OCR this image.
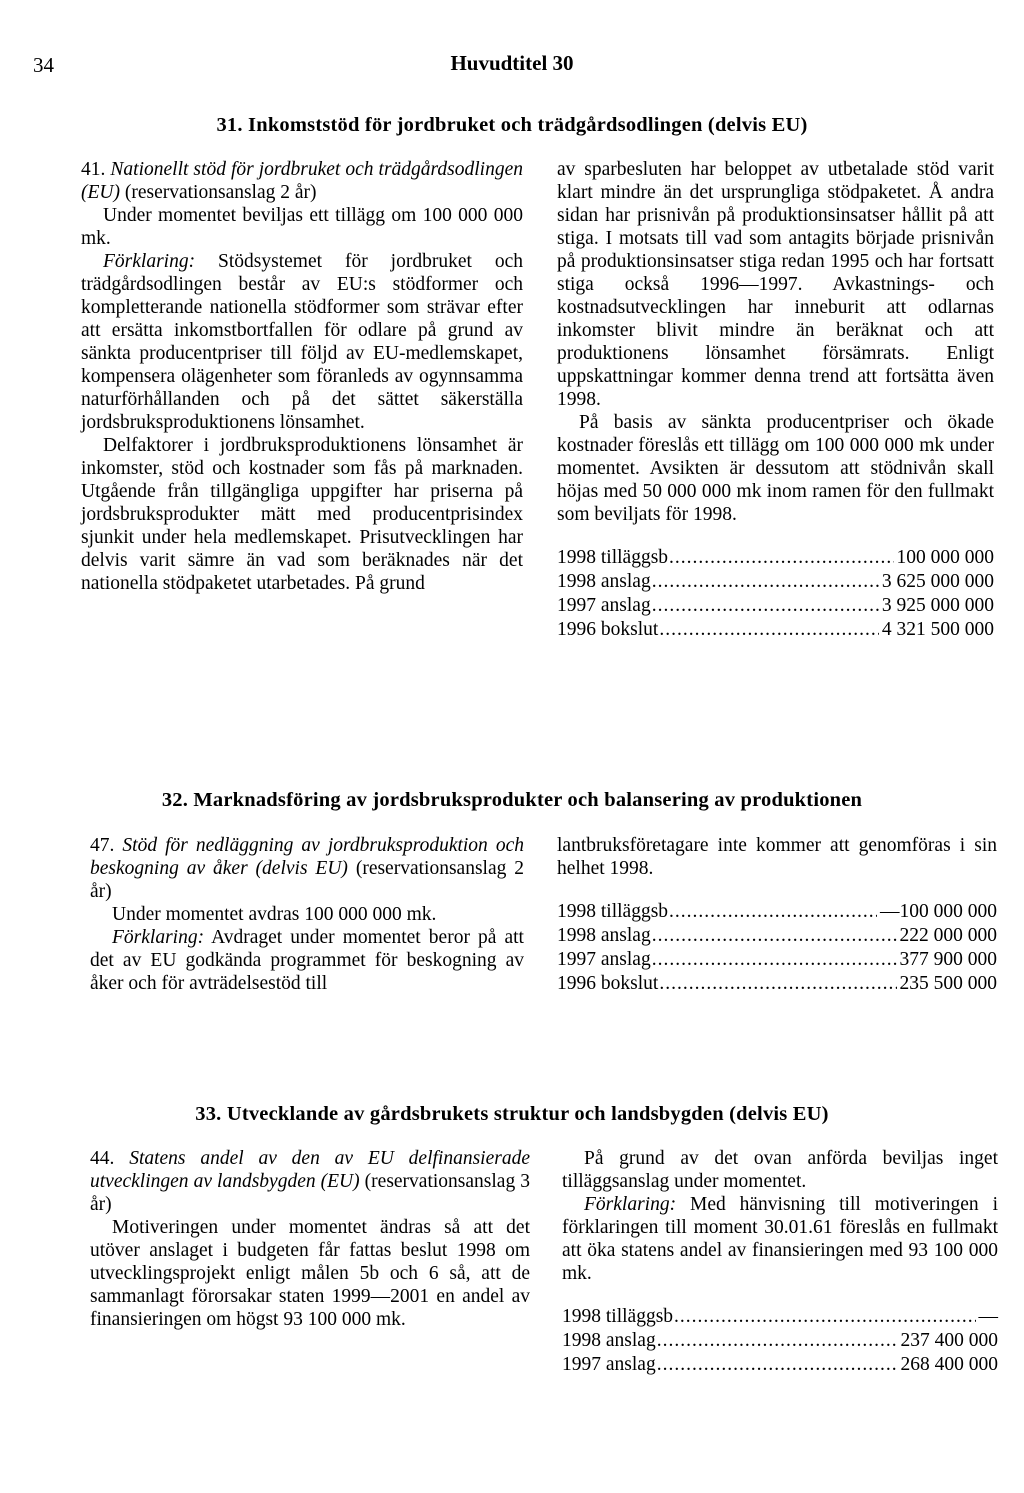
34	Huvudtitel 30
31. Inkomststöd för jordbruket och trädgårdsodlingen (delvis EU)

41. Nationellt stöd för jordbruket och trädgårdsodlingen (EU) (reservationsanslag 2 år)

Under momentet beviljas ett tillägg om 100 000 000 mk.

Förklaring: Stödsystemet för jordbruket och trädgårdsodlingen består av EU:s stödformer och kompletterande nationella stödformer som strävar efter att ersätta inkomstbortfallen för odlare på grund av sänkta producentpriser till följd av EU-medlemskapet, kompensera olägenheter som föranleds av ogynnsamma naturförhållanden och på det sättet säkerställa jordsbruksproduktionens lönsamhet.

Delfaktorer i jordbruksproduktionens lönsamhet är inkomster, stöd och kostnader som fås på marknaden. Utgående från tillgängliga uppgifter har priserna på jordsbruksprodukter mätt med producentprisindex sjunkit under hela medlemskapet. Prisutvecklingen har delvis varit sämre än vad som beräknades när det nationella stödpaketet utarbetades. På grund

av sparbesluten har beloppet av utbetalade stöd varit klart mindre än det ursprungliga stödpaketet. Å andra sidan har prisnivån på produktionsinsatser hållit på att stiga. I motsats till vad som antagits började prisnivån på produktionsinsatser stiga redan 1995 och har fortsatt stiga också 1996—1997. Avkastnings- och kostnadsutvecklingen har inneburit att odlarnas inkomster blivit mindre än beräknat och att produktionens lönsamhet försämrats. Enligt uppskattningar kommer denna trend att fortsätta även 1998.

På basis av sänkta producentpriser och ökade kostnader föreslås ett tillägg om 100 000 000 mk under momentet. Avsikten är dessutom att stödnivån skall höjas med 50 000 000 mk inom ramen för den fullmakt som beviljats för 1998.

1998 tilläggsb .....	100 000 000
1998 anslag .....	3 625 000 000
1997 anslag .....	3 925 000 000
1996 bokslut .....	4 321 500 000
32. Marknadsföring av jordsbruksprodukter och balansering av produktionen

47. Stöd för nedläggning av jordbruksproduktion och beskogning av åker (delvis EU) (reservationsanslag 2 år)

Under momentet avdras 100 000 000 mk.

Förklaring: Avdraget under momentet beror på att det av EU godkända programmet för beskogning av åker och för avträdelsestöd till

lantbruksföretagare inte kommer att genomföras i sin helhet 1998.

1998 tilläggsb .....	—100 000 000
1998 anslag .....	222 000 000
1997 anslag .....	377 900 000
1996 bokslut .....	235 500 000
33. Utvecklande av gårdsbrukets struktur och landsbygden (delvis EU)

44. Statens andel av den av EU delfinansierade utvecklingen av landsbygden (EU) (reservationsanslag 3 år)

Motiveringen under momentet ändras så att det utöver anslaget i budgeten får fattas beslut 1998 om utvecklingsprojekt enligt målen 5b och 6 så, att de sammanlagt förorsakar staten 1999—2001 en andel av finansieringen om högst 93 100 000 mk.

På grund av det ovan anförda beviljas inget tilläggsanslag under momentet.

Förklaring: Med hänvisning till motiveringen i förklaringen till moment 30.01.61 föreslås en fullmakt att öka statens andel av finansieringen med 93 100 000 mk.

1998 tilläggsb .....	—
1998 anslag .....	237 400 000
1997 anslag .....	268 400 000
